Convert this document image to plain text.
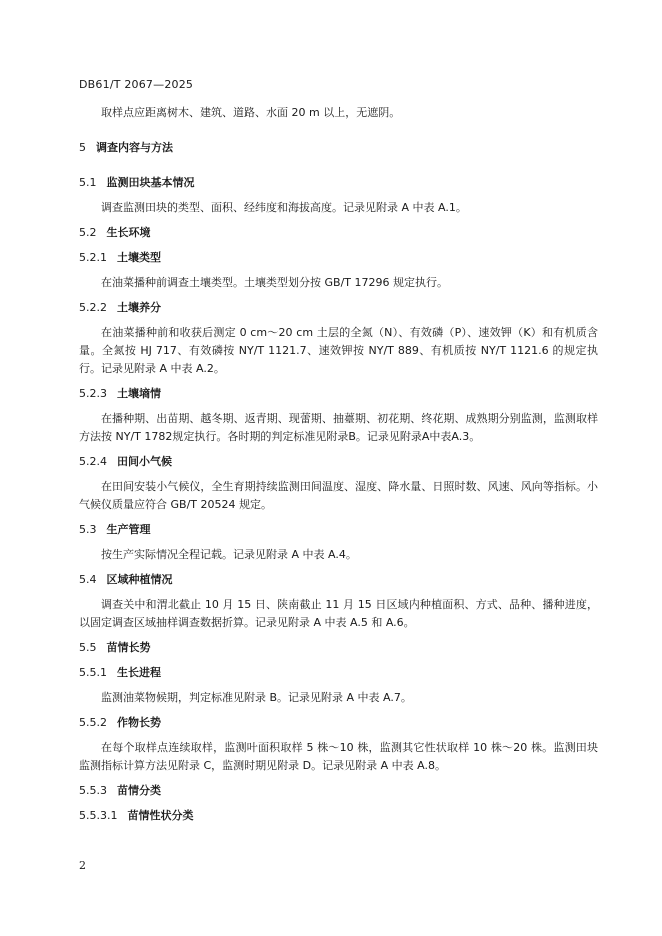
DB61/T 2067—2025

取样点应距离树木、建筑、道路、水面 20 m 以上，无遮阴。

5 调查内容与方法
5.1 监测田块基本情况

调查监测田块的类型、面积、经纬度和海拔高度。记录见附录 A 中表 A.1。

5.2 生长环境
5.2.1 土壤类型

在油菜播种前调查土壤类型。土壤类型划分按 GB/T 17296 规定执行。

5.2.2 土壤养分

在油菜播种前和收获后测定 0 cm～20 cm 土层的全氮（N）、有效磷（P）、速效钾（K）和有机质含量。全氮按 HJ 717、有效磷按 NY/T 1121.7、速效钾按 NY/T 889、有机质按 NY/T 1121.6 的规定执行。记录见附录 A 中表 A.2。

5.2.3 土壤墒情

在播种期、出苗期、越冬期、返青期、现蕾期、抽薹期、初花期、终花期、成熟期分别监测，监测取样方法按 NY/T 1782规定执行。各时期的判定标准见附录B。记录见附录A中表A.3。

5.2.4 田间小气候

在田间安装小气候仪，全生育期持续监测田间温度、湿度、降水量、日照时数、风速、风向等指标。小气候仪质量应符合 GB/T 20524 规定。

5.3 生产管理

按生产实际情况全程记载。记录见附录 A 中表 A.4。

5.4 区域种植情况

调查关中和渭北截止 10 月 15 日、陕南截止 11 月 15 日区域内种植面积、方式、品种、播种进度，以固定调查区域抽样调查数据折算。记录见附录 A 中表 A.5 和 A.6。

5.5 苗情长势
5.5.1 生长进程

监测油菜物候期，判定标准见附录 B。记录见附录 A 中表 A.7。

5.5.2 作物长势

在每个取样点连续取样，监测叶面积取样 5 株～10 株，监测其它性状取样 10 株～20 株。监测田块监测指标计算方法见附录 C，监测时期见附录 D。记录见附录 A 中表 A.8。

5.5.3 苗情分类
5.5.3.1 苗情性状分类
2
